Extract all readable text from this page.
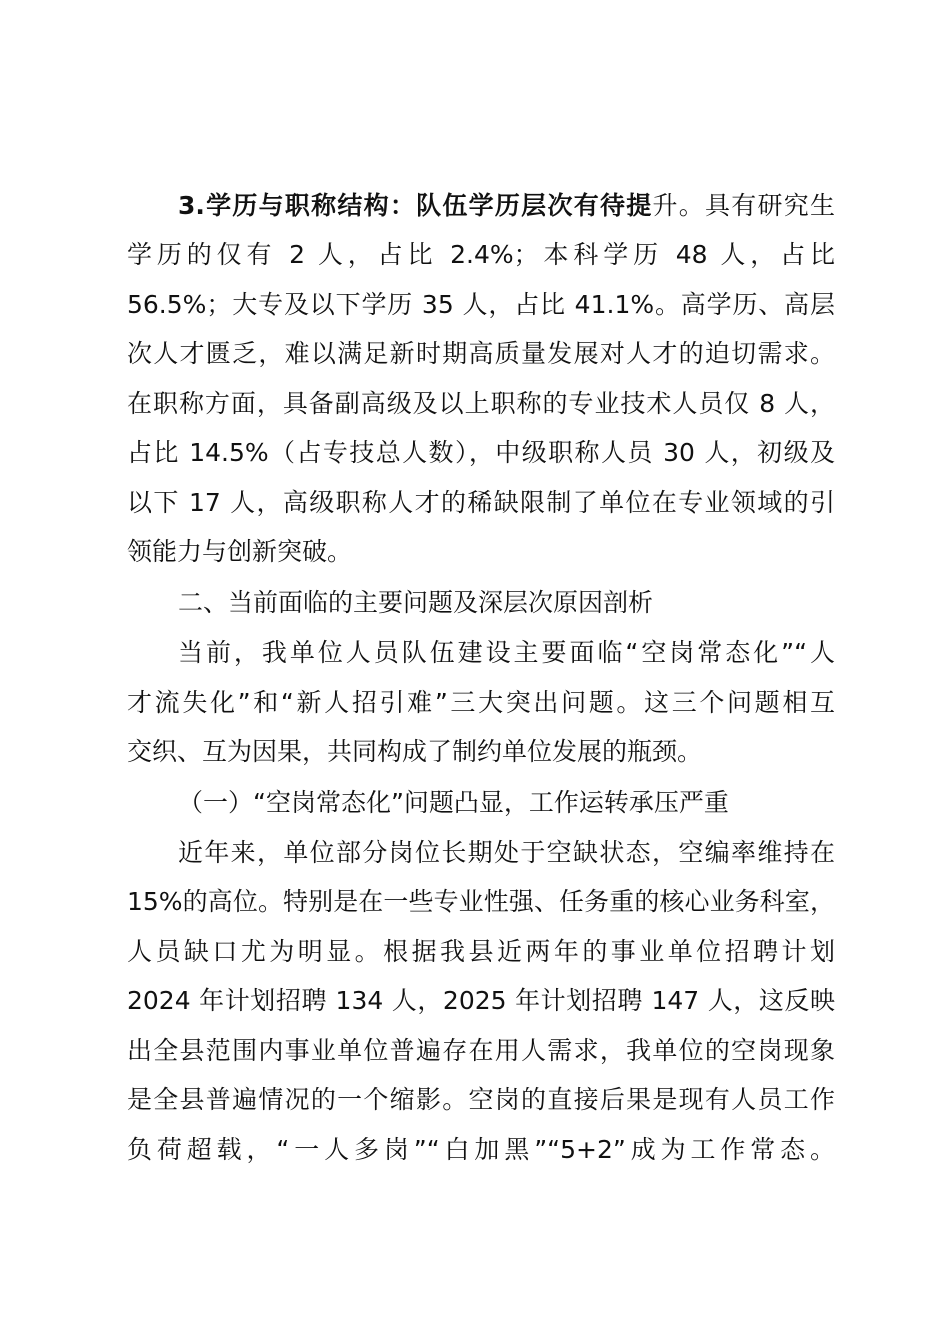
3.学历与职称结构：队伍学历层次有待提升。具有研究生
学历的仅有 2 人，占比 2.4%；本科学历 48 人，占比
56.5%；大专及以下学历 35 人，占比 41.1%。高学历、高层
次人才匮乏，难以满足新时期高质量发展对人才的迫切需求。
在职称方面，具备副高级及以上职称的专业技术人员仅 8 人，
占比 14.5%（占专技总人数），中级职称人员 30 人，初级及
以下 17 人，高级职称人才的稀缺限制了单位在专业领域的引
领能力与创新突破。
二、当前面临的主要问题及深层次原因剖析
当前，我单位人员队伍建设主要面临“空岗常态化”“人
才流失化”和“新人招引难”三大突出问题。这三个问题相互
交织、互为因果，共同构成了制约单位发展的瓶颈。
（一）“空岗常态化”问题凸显，工作运转承压严重
近年来，单位部分岗位长期处于空缺状态，空编率维持在
15%的高位。特别是在一些专业性强、任务重的核心业务科室，
人员缺口尤为明显。根据我县近两年的事业单位招聘计划
2024 年计划招聘 134 人，2025 年计划招聘 147 人，这反映
出全县范围内事业单位普遍存在用人需求，我单位的空岗现象
是全县普遍情况的一个缩影。空岗的直接后果是现有人员工作
负荷超载，“一人多岗”“白加黑”“5+2”成为工作常态。
